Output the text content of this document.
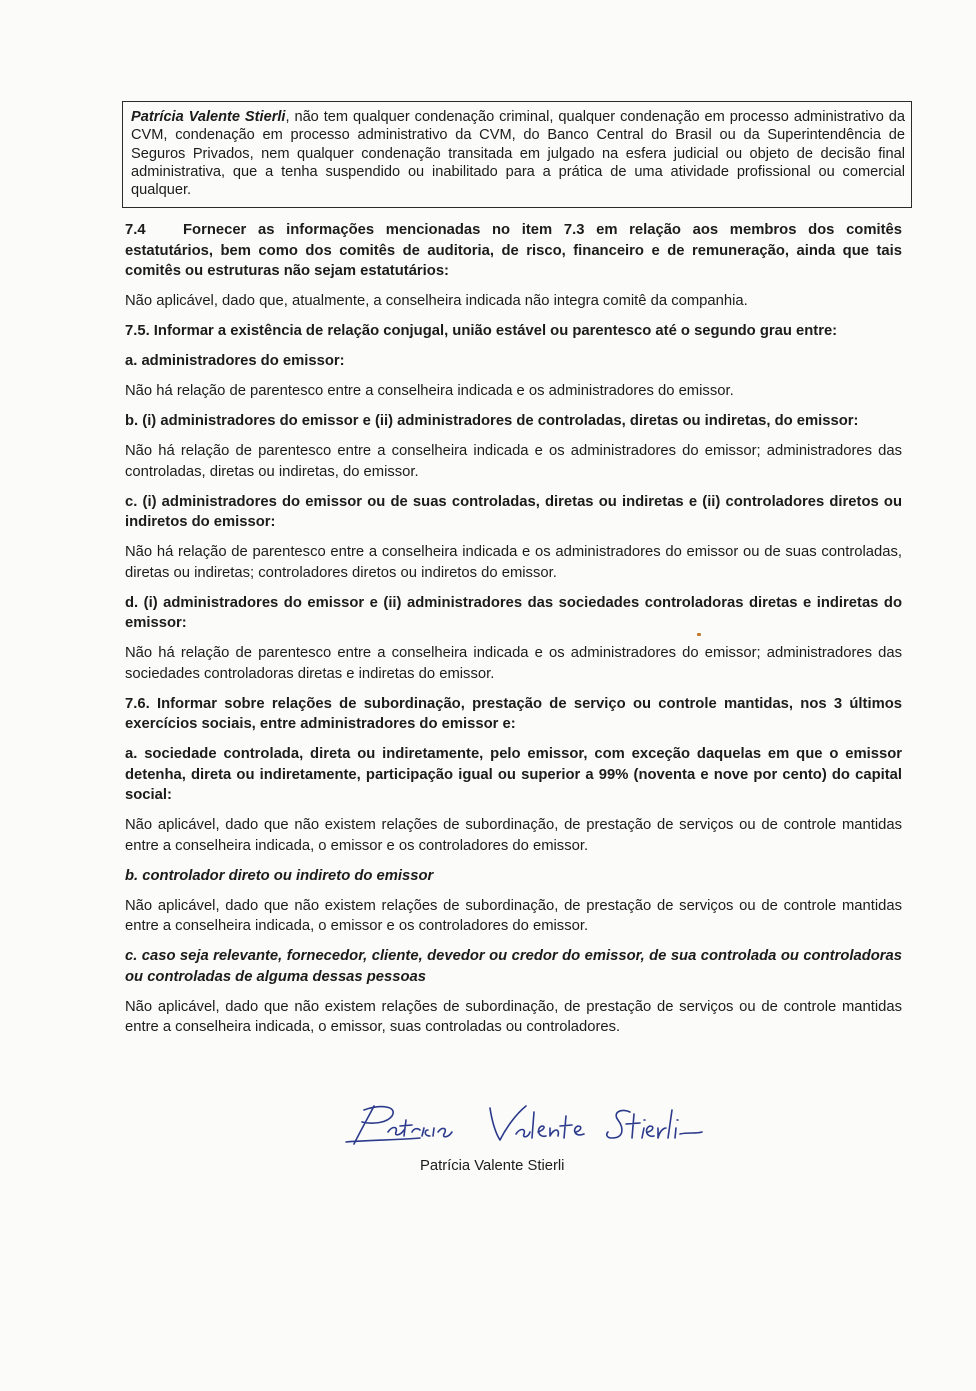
Patrícia Valente Stierli, não tem qualquer condenação criminal, qualquer condenação em processo administrativo da CVM, condenação em processo administrativo da CVM, do Banco Central do Brasil ou da Superintendência de Seguros Privados, nem qualquer condenação transitada em julgado na esfera judicial ou objeto de decisão final administrativa, que a tenha suspendido ou inabilitado para a prática de uma atividade profissional ou comercial qualquer.

7.4	Fornecer as informações mencionadas no item 7.3 em relação aos membros dos comitês estatutários, bem como dos comitês de auditoria, de risco, financeiro e de remuneração, ainda que tais comitês ou estruturas não sejam estatutários:

Não aplicável, dado que, atualmente, a conselheira indicada não integra comitê da companhia.

7.5. Informar a existência de relação conjugal, união estável ou parentesco até o segundo grau entre:

a. administradores do emissor:

Não há relação de parentesco entre a conselheira indicada e os administradores do emissor.

b. (i) administradores do emissor e (ii) administradores de controladas, diretas ou indiretas, do emissor:

Não há relação de parentesco entre a conselheira indicada e os administradores do emissor; administradores das controladas, diretas ou indiretas, do emissor.

c. (i) administradores do emissor ou de suas controladas, diretas ou indiretas e (ii) controladores diretos ou indiretos do emissor:

Não há relação de parentesco entre a conselheira indicada e os administradores do emissor ou de suas controladas, diretas ou indiretas; controladores diretos ou indiretos do emissor.

d. (i) administradores do emissor e (ii) administradores das sociedades controladoras diretas e indiretas do emissor:

Não há relação de parentesco entre a conselheira indicada e os administradores do emissor; administradores das sociedades controladoras diretas e indiretas do emissor.

7.6. Informar sobre relações de subordinação, prestação de serviço ou controle mantidas, nos 3 últimos exercícios sociais, entre administradores do emissor e:

a. sociedade controlada, direta ou indiretamente, pelo emissor, com exceção daquelas em que o emissor detenha, direta ou indiretamente, participação igual ou superior a 99% (noventa e nove por cento) do capital social:

Não aplicável, dado que não existem relações de subordinação, de prestação de serviços ou de controle mantidas entre a conselheira indicada, o emissor e os controladores do emissor.

b. controlador direto ou indireto do emissor

Não aplicável, dado que não existem relações de subordinação, de prestação de serviços ou de controle mantidas entre a conselheira indicada, o emissor e os controladores do emissor.

c. caso seja relevante, fornecedor, cliente, devedor ou credor do emissor, de sua controlada ou controladoras ou controladas de alguma dessas pessoas

Não aplicável, dado que não existem relações de subordinação, de prestação de serviços ou de controle mantidas entre a conselheira indicada, o emissor, suas controladas ou controladores.

Patrícia Valente Stierli
